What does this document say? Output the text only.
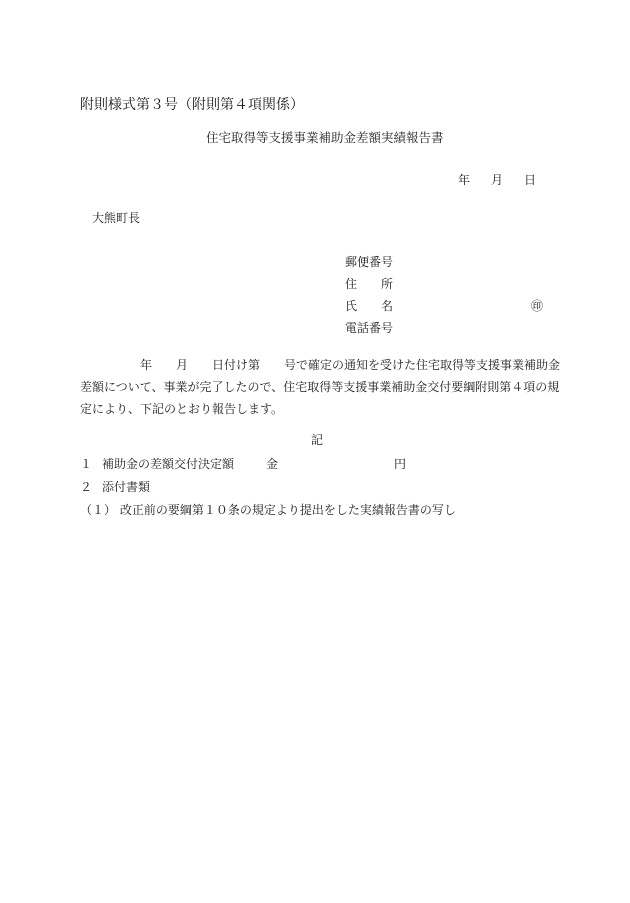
附則様式第３号（附則第４項関係）
住宅取得等支援事業補助金差額実績報告書
年 月 日
大熊町長
郵便番号
住　　所
氏　　名	㊞
電話番号
　　　　　年　　月　　日付け第　　号で確定の通知を受けた住宅取得等支援事業補助金
差額について、事業が完了したので、住宅取得等支援事業補助金交付要綱附則第４項の規
定により、下記のとおり報告します。
記
１ 補助金の差額交付決定額	金	円
２ 添付書類
（１） 改正前の要綱第１０条の規定より提出をした実績報告書の写し
